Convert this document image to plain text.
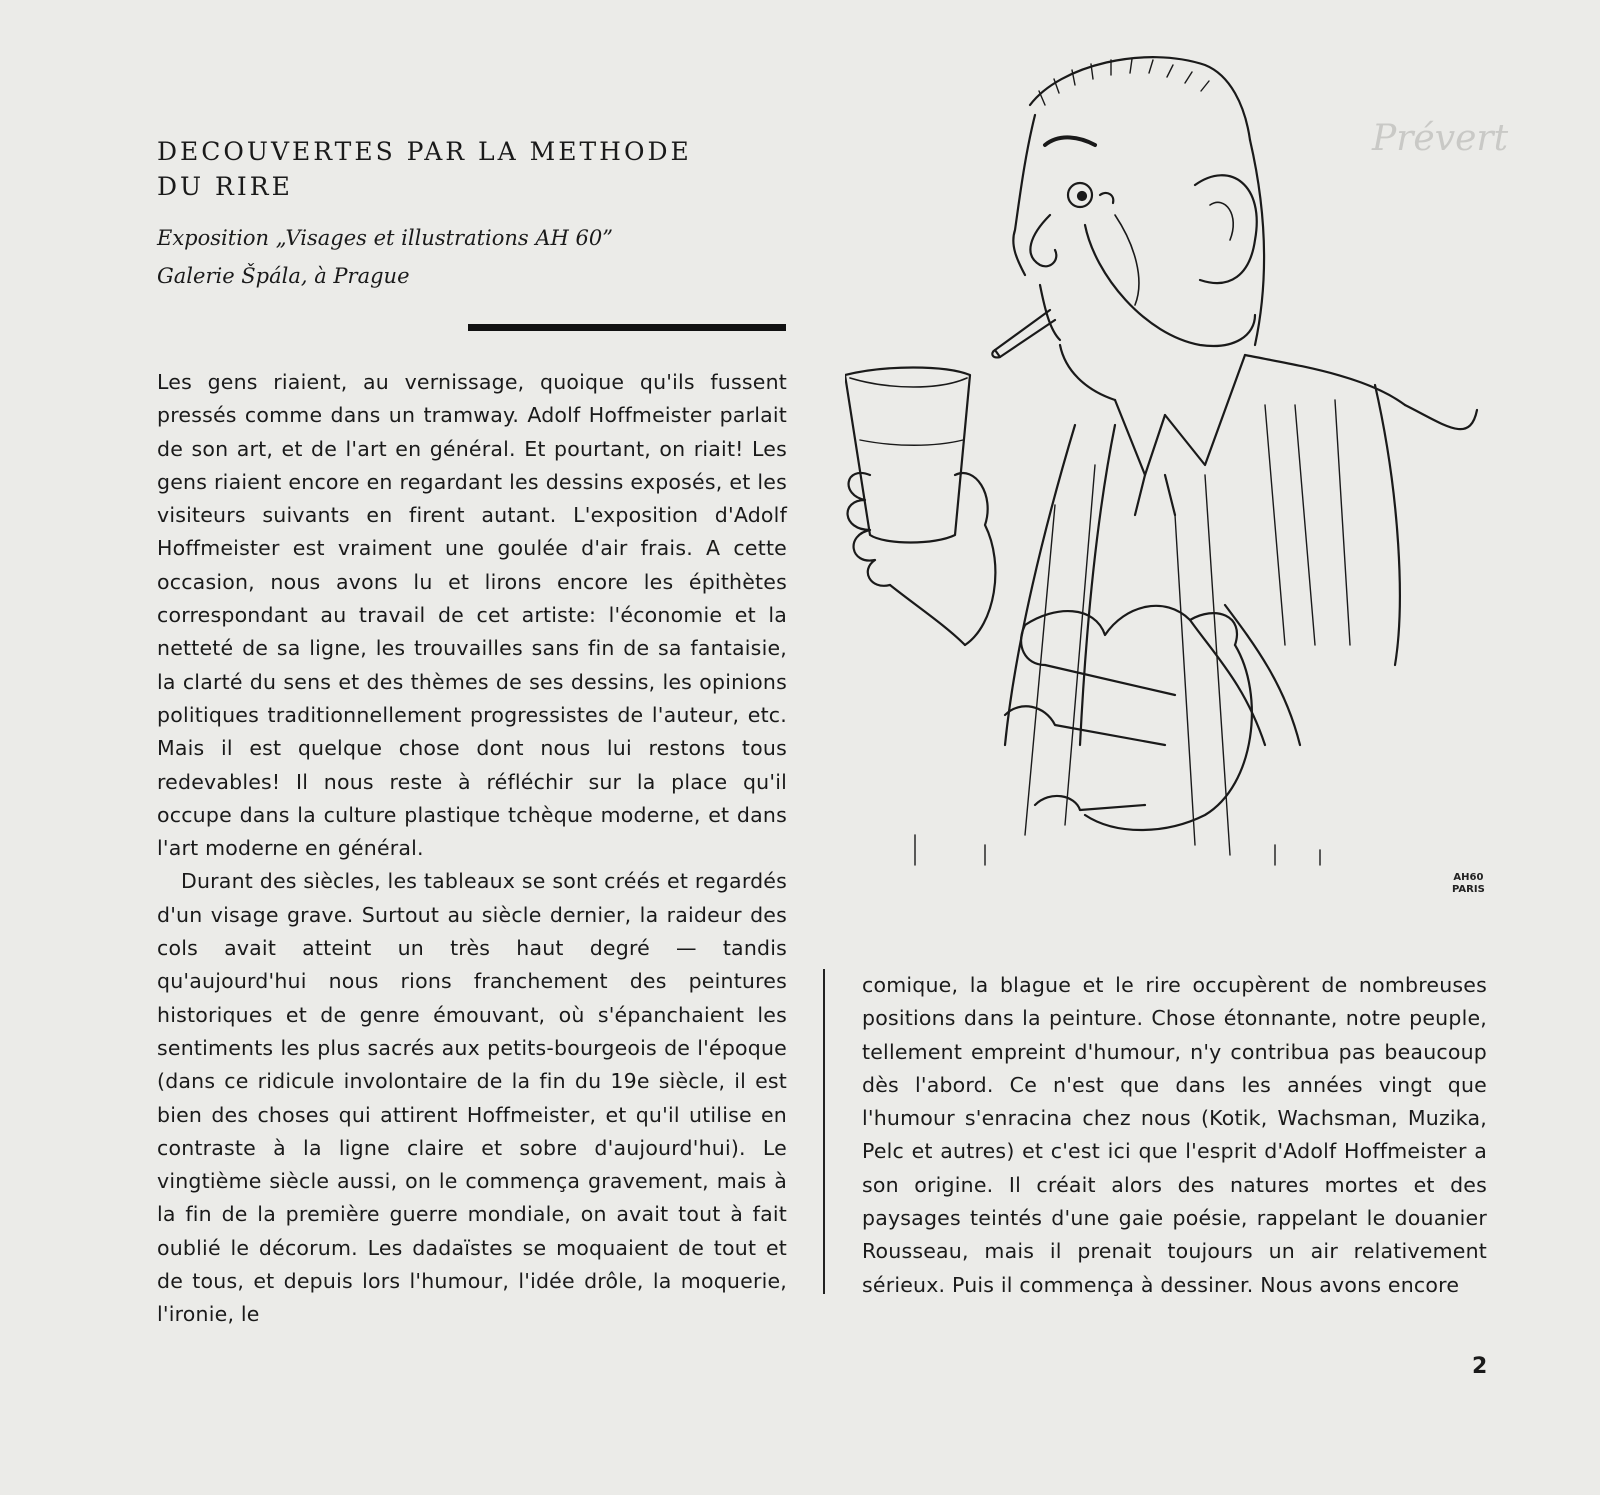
DECOUVERTES PAR LA METHODE
DU RIRE
Exposition „Visages et illustrations AH 60”
Galerie Špála, à Prague

Les gens riaient, au vernissage, quoique qu'ils fussent pressés comme dans un tramway. Adolf Hoffmeister parlait de son art, et de l'art en général. Et pourtant, on riait! Les gens riaient encore en regardant les dessins exposés, et les visiteurs suivants en firent autant. L'exposition d'Adolf Hoffmeister est vraiment une goulée d'air frais. A cette occasion, nous avons lu et lirons encore les épithètes correspondant au travail de cet artiste: l'économie et la netteté de sa ligne, les trouvailles sans fin de sa fantaisie, la clarté du sens et des thèmes de ses dessins, les opinions politiques traditionnellement progressistes de l'auteur, etc. Mais il est quelque chose dont nous lui restons tous redevables! Il nous reste à réfléchir sur la place qu'il occupe dans la culture plastique tchèque moderne, et dans l'art moderne en général.

Durant des siècles, les tableaux se sont créés et regardés d'un visage grave. Surtout au siècle dernier, la raideur des cols avait atteint un très haut degré — tandis qu'aujourd'hui nous rions franchement des peintures historiques et de genre émouvant, où s'épanchaient les sentiments les plus sacrés aux petits-bourgeois de l'époque (dans ce ridicule involontaire de la fin du 19e siècle, il est bien des choses qui attirent Hoffmeister, et qu'il utilise en contraste à la ligne claire et sobre d'aujourd'hui). Le vingtième siècle aussi, on le commença gravement, mais à la fin de la première guerre mondiale, on avait tout à fait oublié le décorum. Les dadaïstes se moquaient de tout et de tous, et depuis lors l'humour, l'idée drôle, la moquerie, l'ironie, le

comique, la blague et le rire occupèrent de nombreuses positions dans la peinture. Chose étonnante, notre peuple, tellement empreint d'humour, n'y contribua pas beaucoup dès l'abord. Ce n'est que dans les années vingt que l'humour s'enracina chez nous (Kotik, Wachsman, Muzika, Pelc et autres) et c'est ici que l'esprit d'Adolf Hoffmeister a son origine. Il créait alors des natures mortes et des paysages teintés d'une gaie poésie, rappelant le douanier Rousseau, mais il prenait toujours un air relativement sérieux. Puis il commença à dessiner. Nous avons encore

Prévert
AH60
PARIS
2
